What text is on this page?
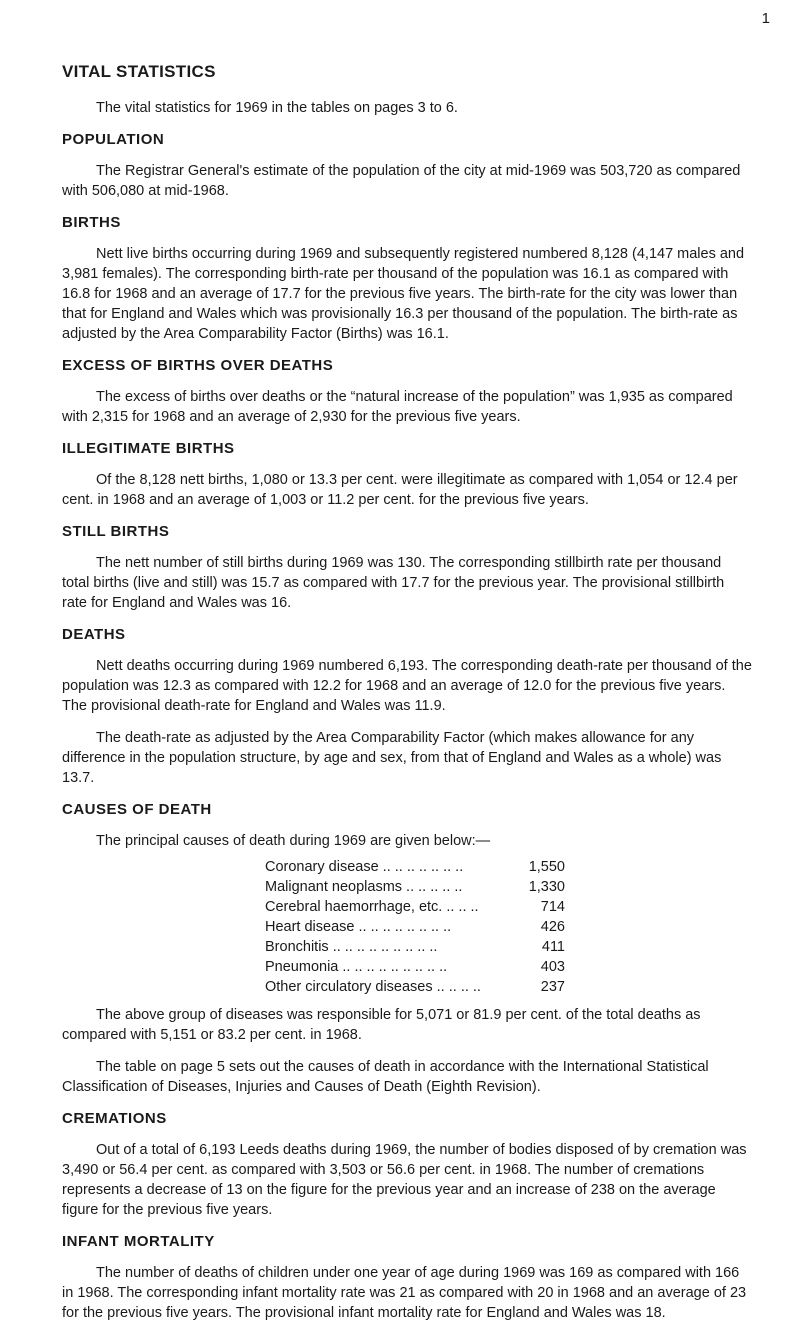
1
VITAL STATISTICS

The vital statistics for 1969 in the tables on pages 3 to 6.

POPULATION

The Registrar General's estimate of the population of the city at mid-1969 was 503,720 as compared with 506,080 at mid-1968.

BIRTHS

Nett live births occurring during 1969 and subsequently registered numbered 8,128 (4,147 males and 3,981 females). The corresponding birth-rate per thousand of the population was 16.1 as compared with 16.8 for 1968 and an average of 17.7 for the previous five years. The birth-rate for the city was lower than that for England and Wales which was provisionally 16.3 per thousand of the population. The birth-rate as adjusted by the Area Comparability Factor (Births) was 16.1.

EXCESS OF BIRTHS OVER DEATHS

The excess of births over deaths or the “natural increase of the population” was 1,935 as compared with 2,315 for 1968 and an average of 2,930 for the previous five years.

ILLEGITIMATE BIRTHS

Of the 8,128 nett births, 1,080 or 13.3 per cent. were illegitimate as compared with 1,054 or 12.4 per cent. in 1968 and an average of 1,003 or 11.2 per cent. for the previous five years.

STILL BIRTHS

The nett number of still births during 1969 was 130. The corresponding stillbirth rate per thousand total births (live and still) was 15.7 as compared with 17.7 for the previous year. The provisional stillbirth rate for England and Wales was 16.

DEATHS

Nett deaths occurring during 1969 numbered 6,193. The corresponding death-rate per thousand of the population was 12.3 as compared with 12.2 for 1968 and an average of 12.0 for the previous five years. The provisional death-rate for England and Wales was 11.9.

The death-rate as adjusted by the Area Comparability Factor (which makes allowance for any difference in the population structure, by age and sex, from that of England and Wales as a whole) was 13.7.

CAUSES OF DEATH

The principal causes of death during 1969 are given below:—

Coronary disease .. .. .. .. .. .. ..	1,550
Malignant neoplasms .. .. .. .. ..	1,330
Cerebral haemorrhage, etc. .. .. ..	714
Heart disease .. .. .. .. .. .. .. ..	426
Bronchitis .. .. .. .. .. .. .. .. ..	411
Pneumonia .. .. .. .. .. .. .. .. ..	403
Other circulatory diseases .. .. .. ..	237

The above group of diseases was responsible for 5,071 or 81.9 per cent. of the total deaths as compared with 5,151 or 83.2 per cent. in 1968.

The table on page 5 sets out the causes of death in accordance with the International Statistical Classification of Diseases, Injuries and Causes of Death (Eighth Revision).

CREMATIONS

Out of a total of 6,193 Leeds deaths during 1969, the number of bodies disposed of by cremation was 3,490 or 56.4 per cent. as compared with 3,503 or 56.6 per cent. in 1968. The number of cremations represents a decrease of 13 on the figure for the previous year and an increase of 238 on the average figure for the previous five years.

INFANT MORTALITY

The number of deaths of children under one year of age during 1969 was 169 as compared with 166 in 1968. The corresponding infant mortality rate was 21 as compared with 20 in 1968 and an average of 23 for the previous five years. The provisional infant mortality rate for England and Wales was 18.
